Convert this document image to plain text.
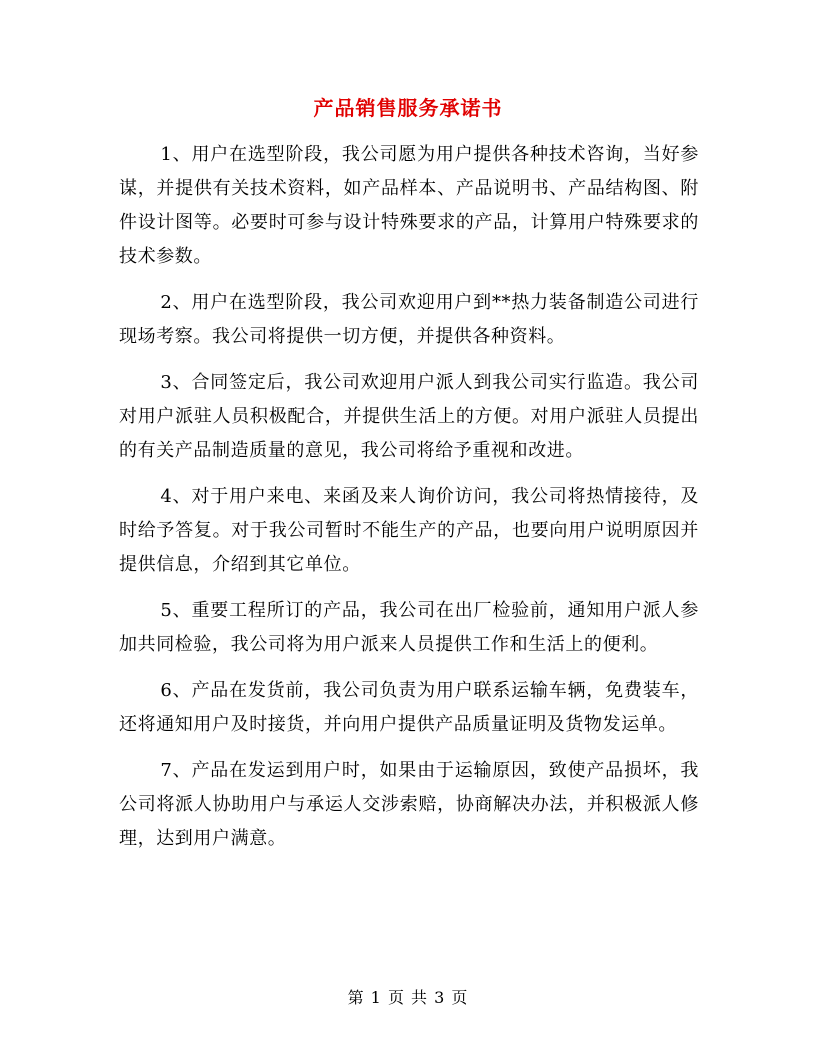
产品销售服务承诺书

1、用户在选型阶段，我公司愿为用户提供各种技术咨询，当好参谋，并提供有关技术资料，如产品样本、产品说明书、产品结构图、附件设计图等。必要时可参与设计特殊要求的产品，计算用户特殊要求的技术参数。

2、用户在选型阶段，我公司欢迎用户到**热力装备制造公司进行现场考察。我公司将提供一切方便，并提供各种资料。

3、合同签定后，我公司欢迎用户派人到我公司实行监造。我公司对用户派驻人员积极配合，并提供生活上的方便。对用户派驻人员提出的有关产品制造质量的意见，我公司将给予重视和改进。

4、对于用户来电、来函及来人询价访问，我公司将热情接待，及时给予答复。对于我公司暂时不能生产的产品，也要向用户说明原因并提供信息，介绍到其它单位。

5、重要工程所订的产品，我公司在出厂检验前，通知用户派人参加共同检验，我公司将为用户派来人员提供工作和生活上的便利。

6、产品在发货前，我公司负责为用户联系运输车辆，免费装车，还将通知用户及时接货，并向用户提供产品质量证明及货物发运单。

7、产品在发运到用户时，如果由于运输原因，致使产品损坏，我公司将派人协助用户与承运人交涉索赔，协商解决办法，并积极派人修理，达到用户满意。

第 1 页 共 3 页
